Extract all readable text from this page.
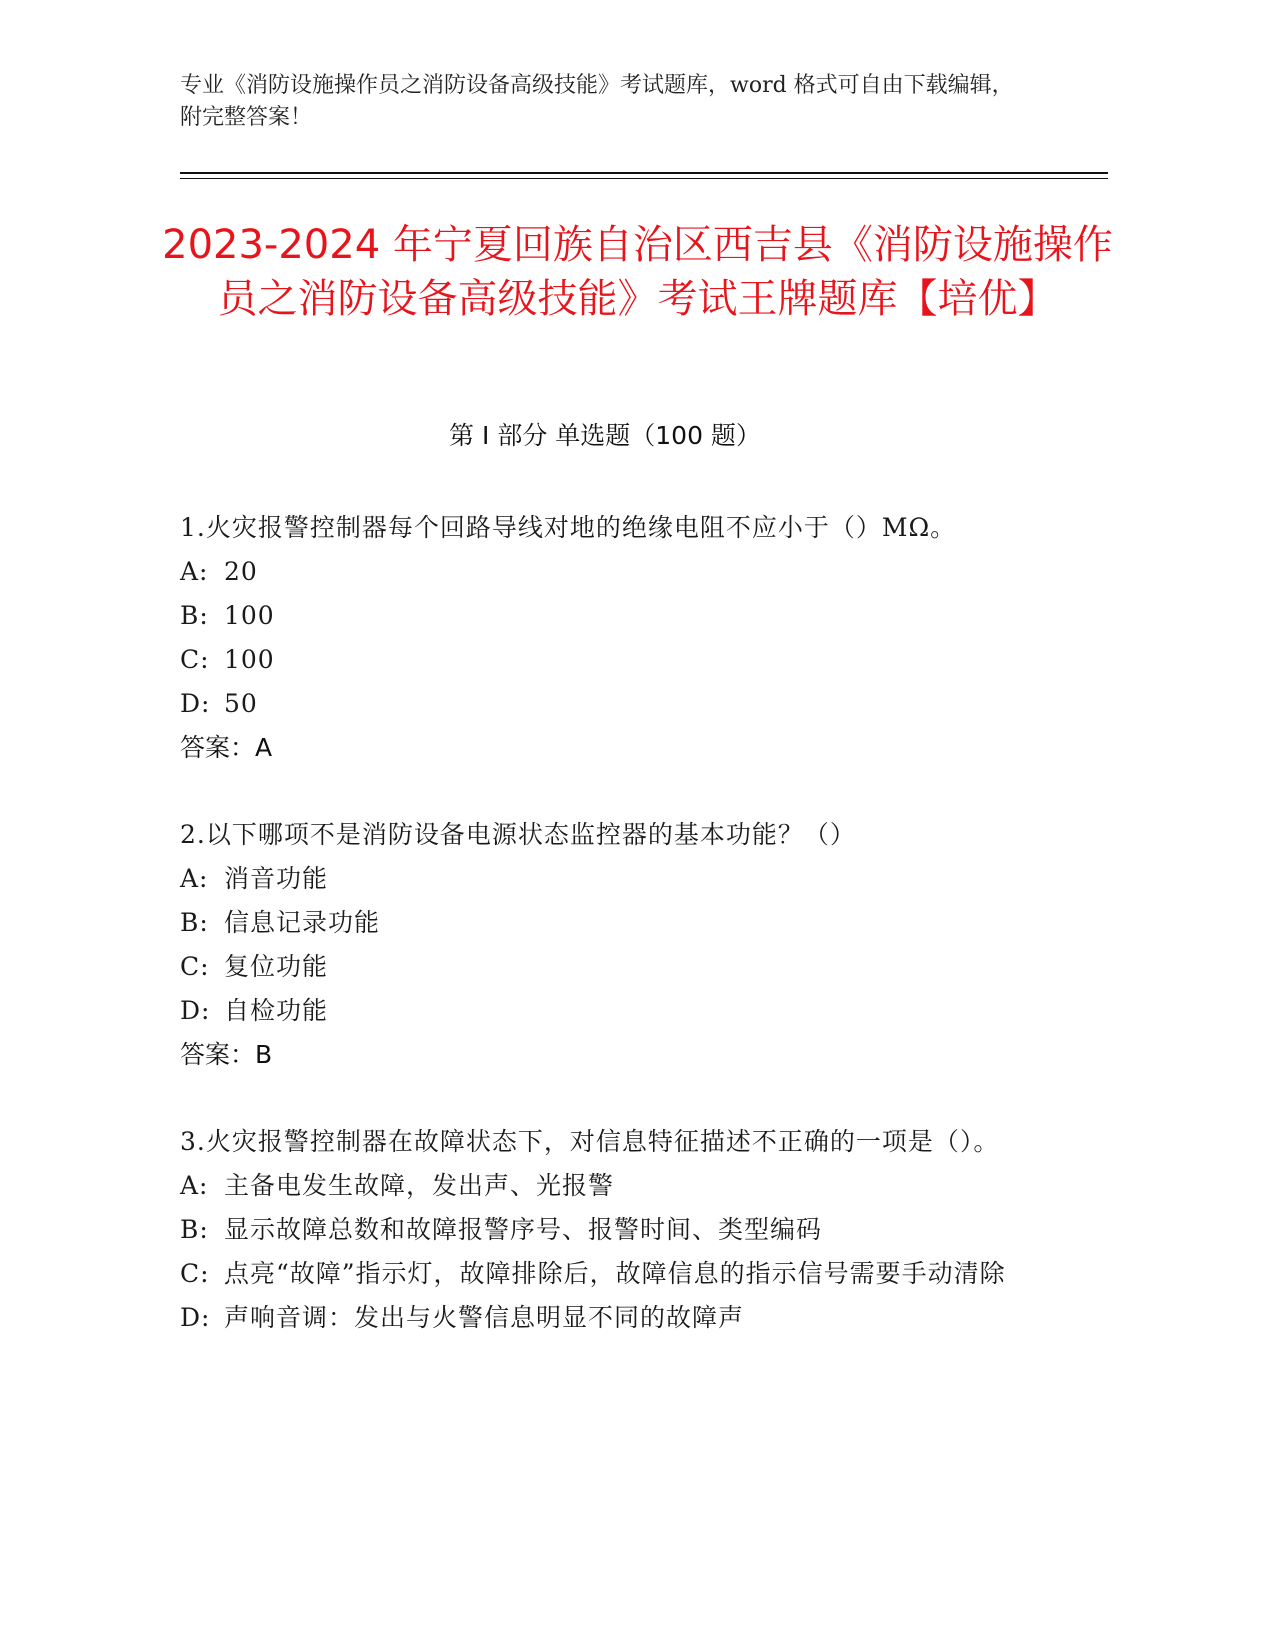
专业《消防设施操作员之消防设备高级技能》考试题库，word 格式可自由下载编辑，附完整答案！
2023-2024 年宁夏回族自治区西吉县《消防设施操作员之消防设备高级技能》考试王牌题库【培优】
第 I 部分 单选题（100 题）
1.火灾报警控制器每个回路导线对地的绝缘电阻不应小于（）MΩ。
A: 20
B: 100
C: 100
D: 50
答案：A
2.以下哪项不是消防设备电源状态监控器的基本功能？（）
A: 消音功能
B: 信息记录功能
C: 复位功能
D: 自检功能
答案：B
3.火灾报警控制器在故障状态下，对信息特征描述不正确的一项是（）。
A: 主备电发生故障，发出声、光报警
B: 显示故障总数和故障报警序号、报警时间、类型编码
C: 点亮“故障”指示灯，故障排除后，故障信息的指示信号需要手动清除
D: 声响音调：发出与火警信息明显不同的故障声
